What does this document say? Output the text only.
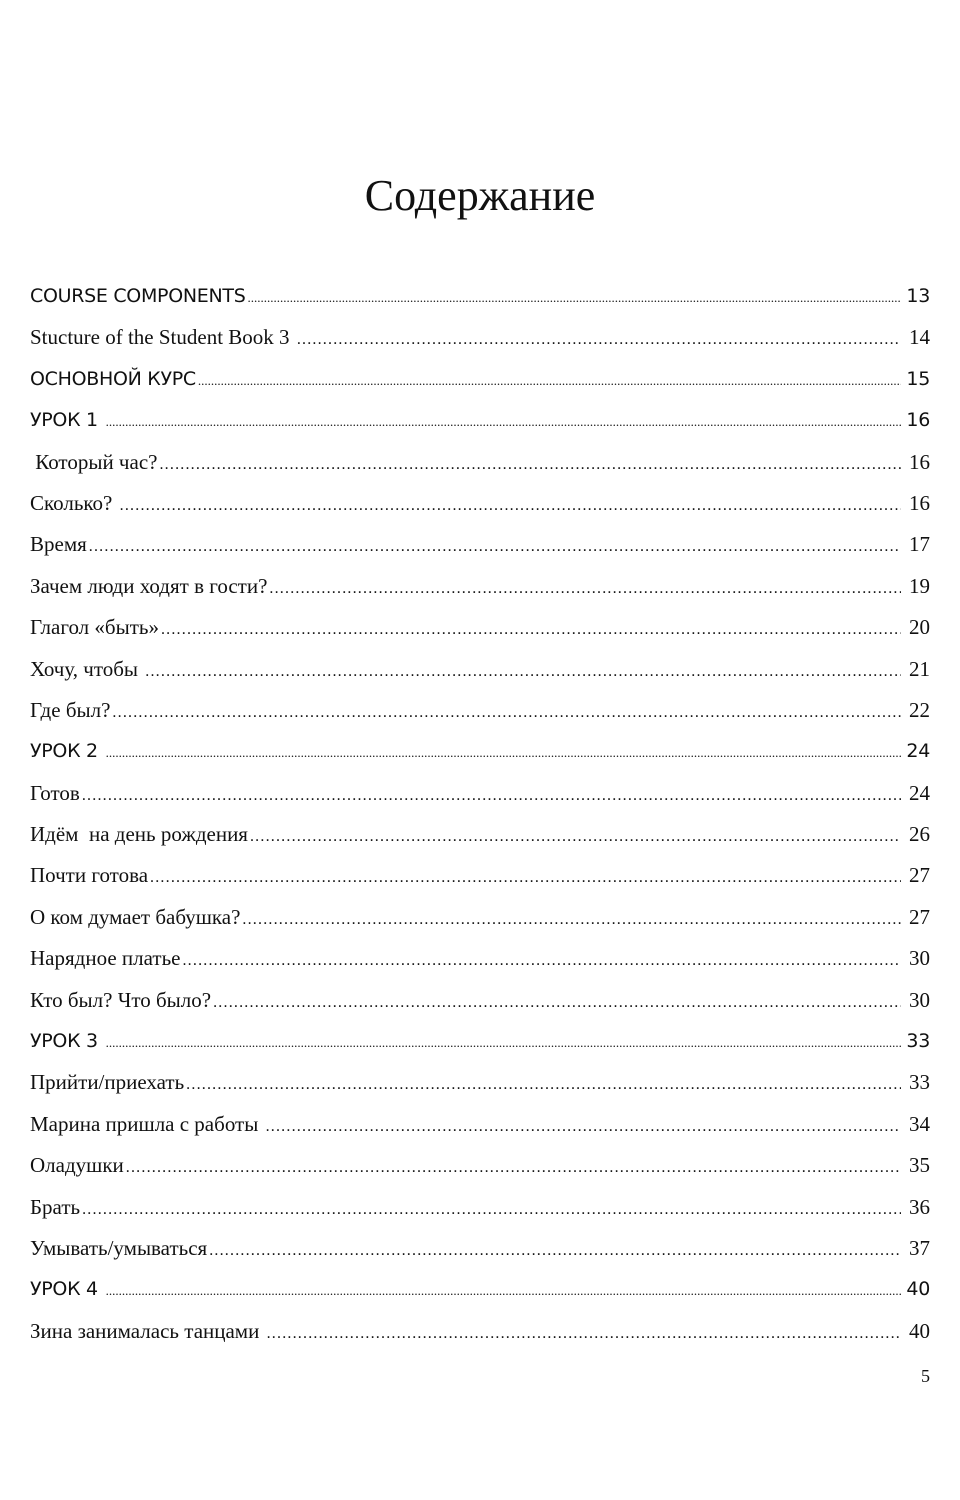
Содержание
COURSE COMPONENTS .....	13
Stucture of the Student Book 3 .....	14
ОСНОВНОЙ КУРС .....	15
УРОК 1 .....	16
Который час? .....	16
Сколько? .....	16
Время .....	17
Зачем люди ходят в гости? .....	19
Глагол «быть» .....	20
Хочу, чтобы .....	21
Где был? .....	22
УРОК 2 .....	24
Готов .....	24
Идём  на день рождения .....	26
Почти готова .....	27
О ком думает бабушка? .....	27
Нарядное платье .....	30
Кто был? Что было? .....	30
УРОК 3 .....	33
Прийти/приехать .....	33
Марина пришла с работы .....	34
Оладушки .....	35
Брать .....	36
Умывать/умываться .....	37
УРОК 4 .....	40
Зина занималась танцами .....	40
5
